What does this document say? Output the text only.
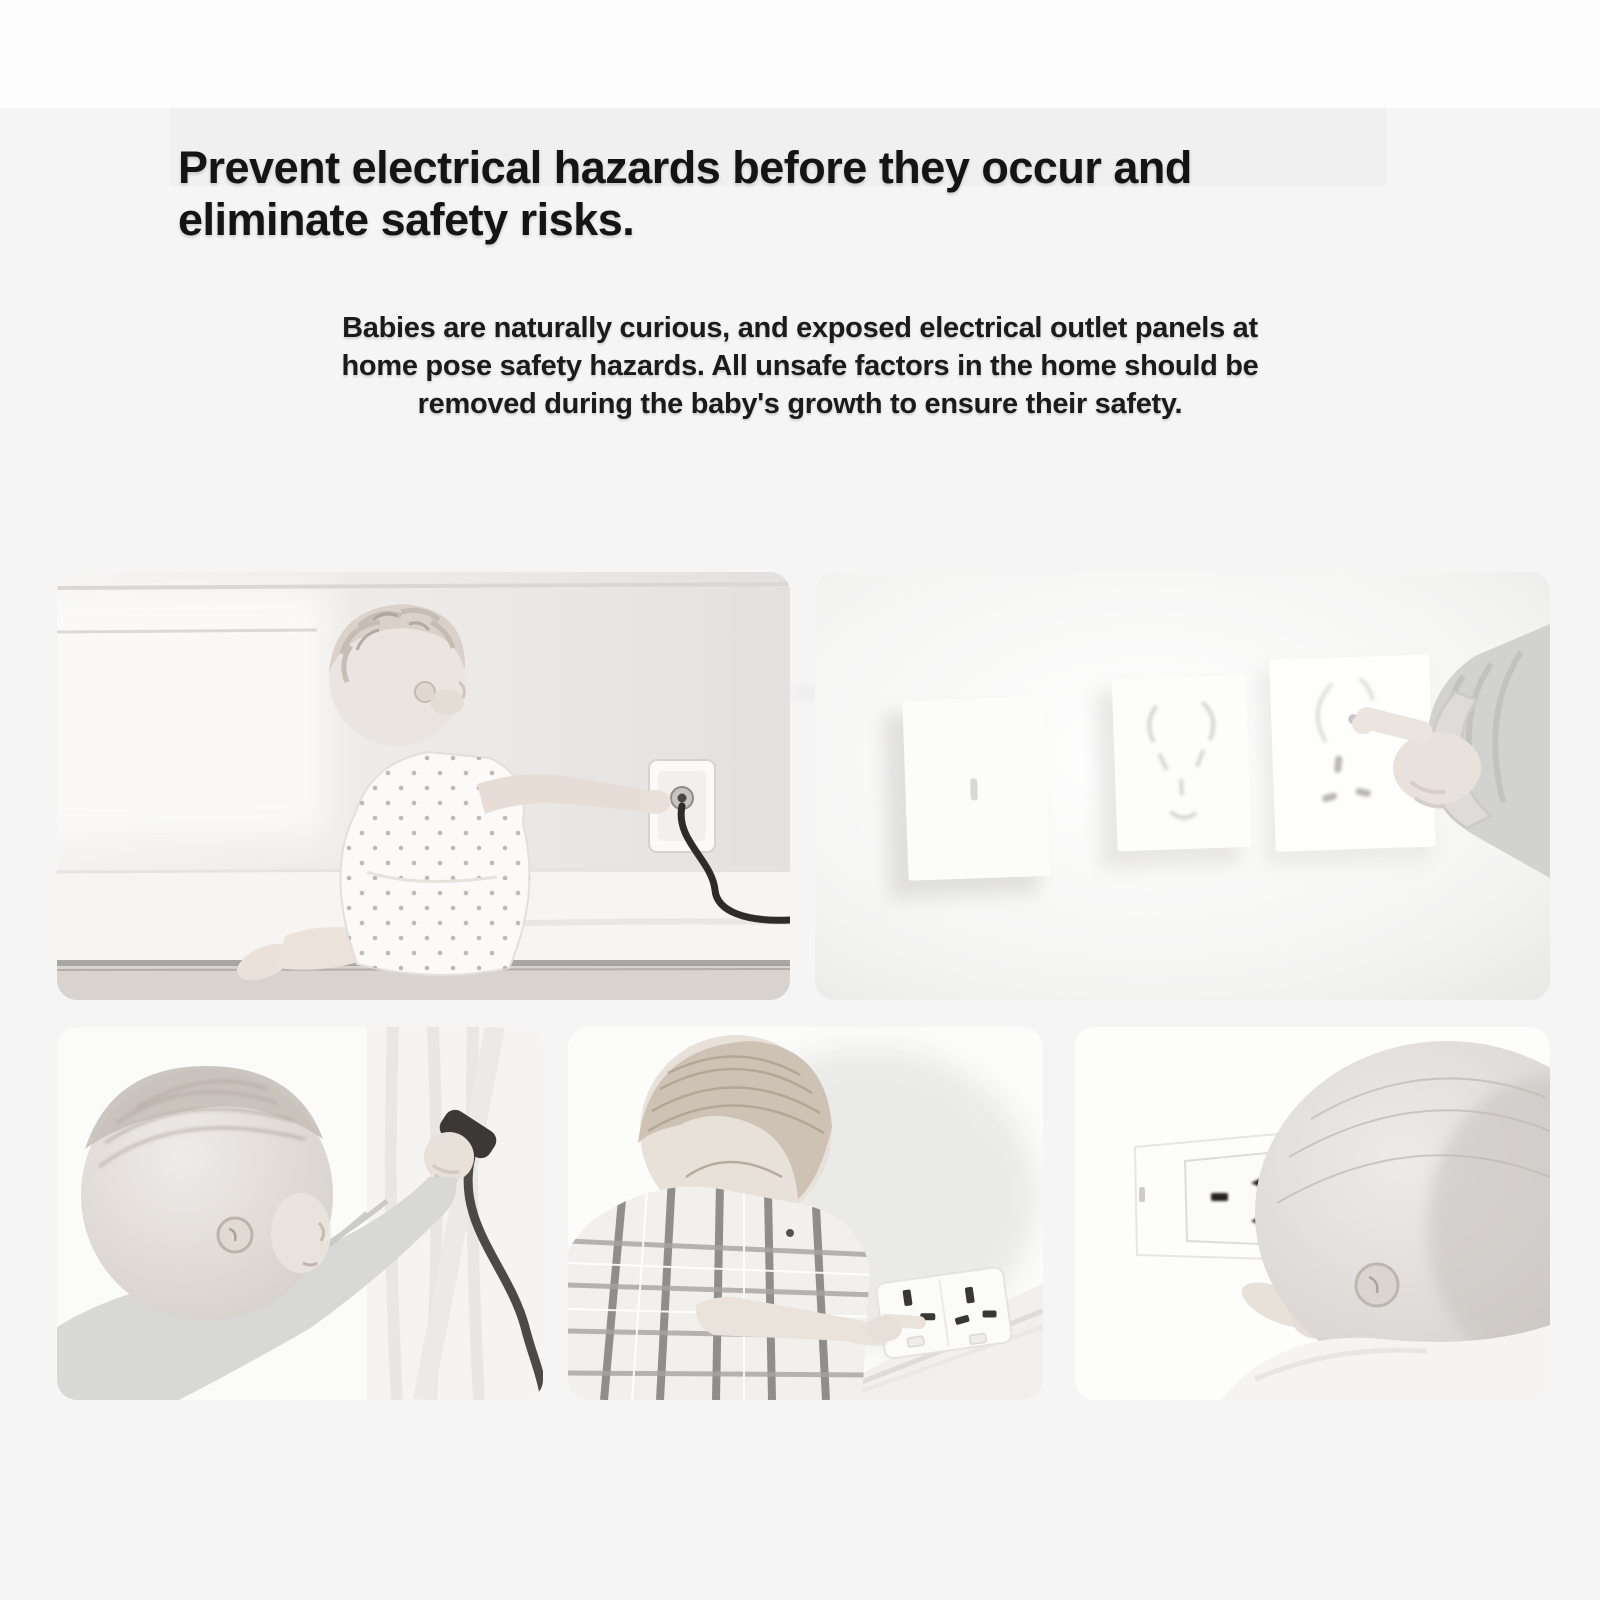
Prevent electrical hazards before they occur and
eliminate safety risks.
Babies are naturally curious, and exposed electrical outlet panels at

Babies are naturally curious, and exposed electrical outlet panels at
home pose safety hazards. All unsafe factors in the home should be
removed during the baby's growth to ensure their safety.
